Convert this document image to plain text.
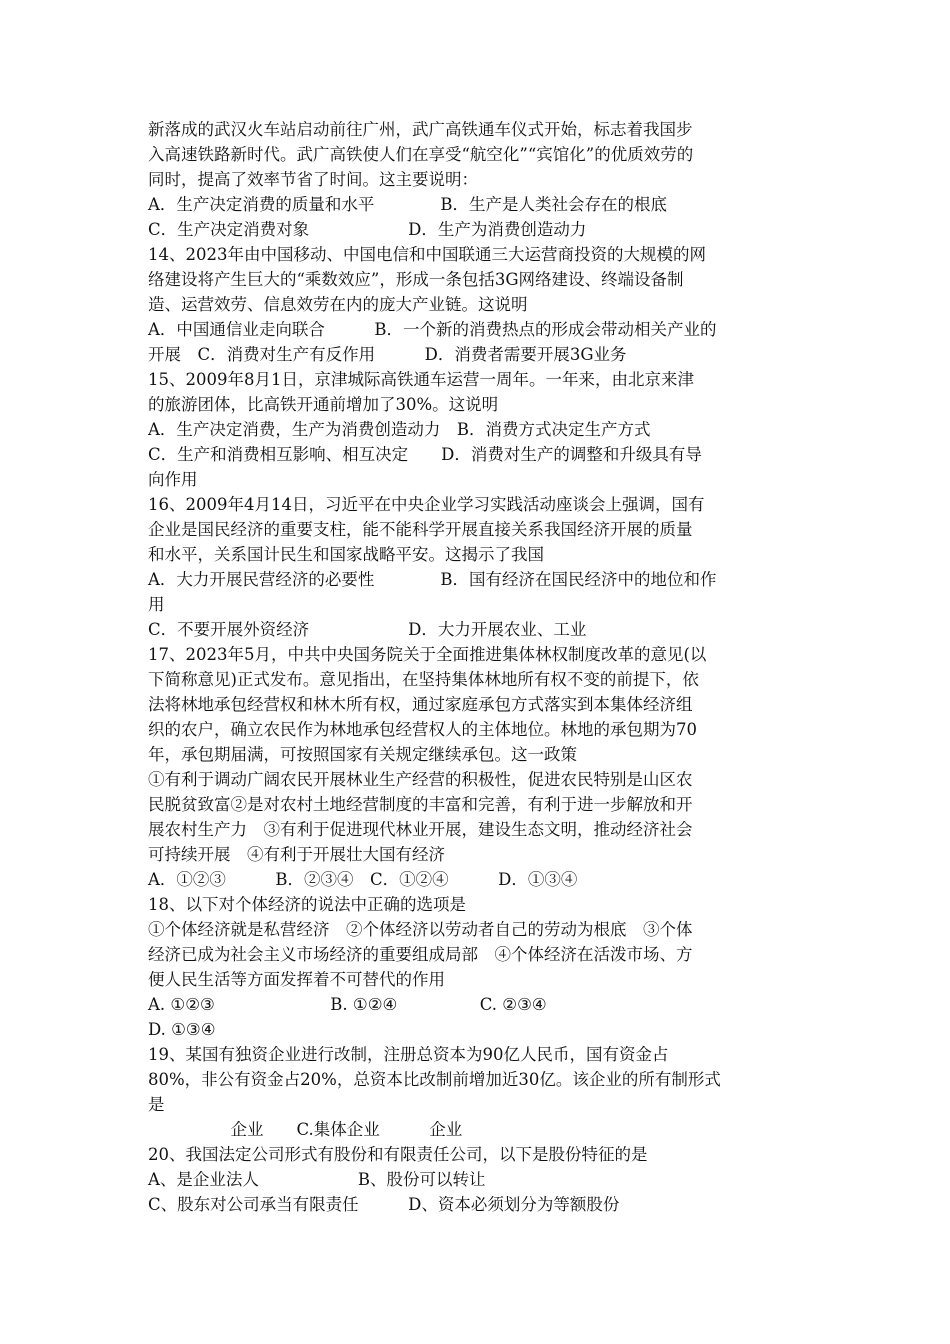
新落成的武汉火车站启动前往广州，武广高铁通车仪式开始，标志着我国步
入高速铁路新时代。武广高铁使人们在享受“航空化”“宾馆化”的优质效劳的
同时，提高了效率节省了时间。这主要说明：
A．生产决定消费的质量和水平　　　　B．生产是人类社会存在的根底
C．生产决定消费对象　　　　　　D．生产为消费创造动力
14、2023年由中国移动、中国电信和中国联通三大运营商投资的大规模的网
络建设将产生巨大的“乘数效应”，形成一条包括3G网络建设、终端设备制
造、运营效劳、信息效劳在内的庞大产业链。这说明
A．中国通信业走向联合　　　B．一个新的消费热点的形成会带动相关产业的
开展　C．消费对生产有反作用　　　D．消费者需要开展3G业务
15、2009年8月1日，京津城际高铁通车运营一周年。一年来，由北京来津
的旅游团体，比高铁开通前增加了30%。这说明
A．生产决定消费，生产为消费创造动力　B．消费方式决定生产方式
C．生产和消费相互影响、相互决定　　D．消费对生产的调整和升级具有导
向作用
16、2009年4月14日，习近平在中央企业学习实践活动座谈会上强调，国有
企业是国民经济的重要支柱，能不能科学开展直接关系我国经济开展的质量
和水平，关系国计民生和国家战略平安。这揭示了我国
A．大力开展民营经济的必要性　　　　B．国有经济在国民经济中的地位和作
用
C．不要开展外资经济　　　　　　D．大力开展农业、工业
17、2023年5月，中共中央国务院关于全面推进集体林权制度改革的意见(以
下简称意见)正式发布。意见指出，在坚持集体林地所有权不变的前提下，依
法将林地承包经营权和林木所有权，通过家庭承包方式落实到本集体经济组
织的农户，确立农民作为林地承包经营权人的主体地位。林地的承包期为70
年，承包期届满，可按照国家有关规定继续承包。这一政策
①有利于调动广阔农民开展林业生产经营的积极性，促进农民特别是山区农
民脱贫致富②是对农村土地经营制度的丰富和完善，有利于进一步解放和开
展农村生产力　③有利于促进现代林业开展，建设生态文明，推动经济社会
可持续开展　④有利于开展壮大国有经济
A．①②③　　　B．②③④　C．①②④　　　D．①③④
18、以下对个体经济的说法中正确的选项是
①个体经济就是私营经济　②个体经济以劳动者自己的劳动为根底　③个体
经济已成为社会主义市场经济的重要组成局部　④个体经济在活泼市场、方
便人民生活等方面发挥着不可替代的作用
A. ①②③　　　　　　　B. ①②④　　　　　C. ②③④
D. ①③④
19、某国有独资企业进行改制，注册总资本为90亿人民币，国有资金占
80%，非公有资金占20%，总资本比改制前增加近30亿。该企业的所有制形式
是
　　　　　企业　　C.集体企业　　　企业
20、我国法定公司形式有股份和有限责任公司，以下是股份特征的是
A、是企业法人　　　　　　B、股份可以转让
C、股东对公司承当有限责任　　　D、资本必须划分为等额股份
